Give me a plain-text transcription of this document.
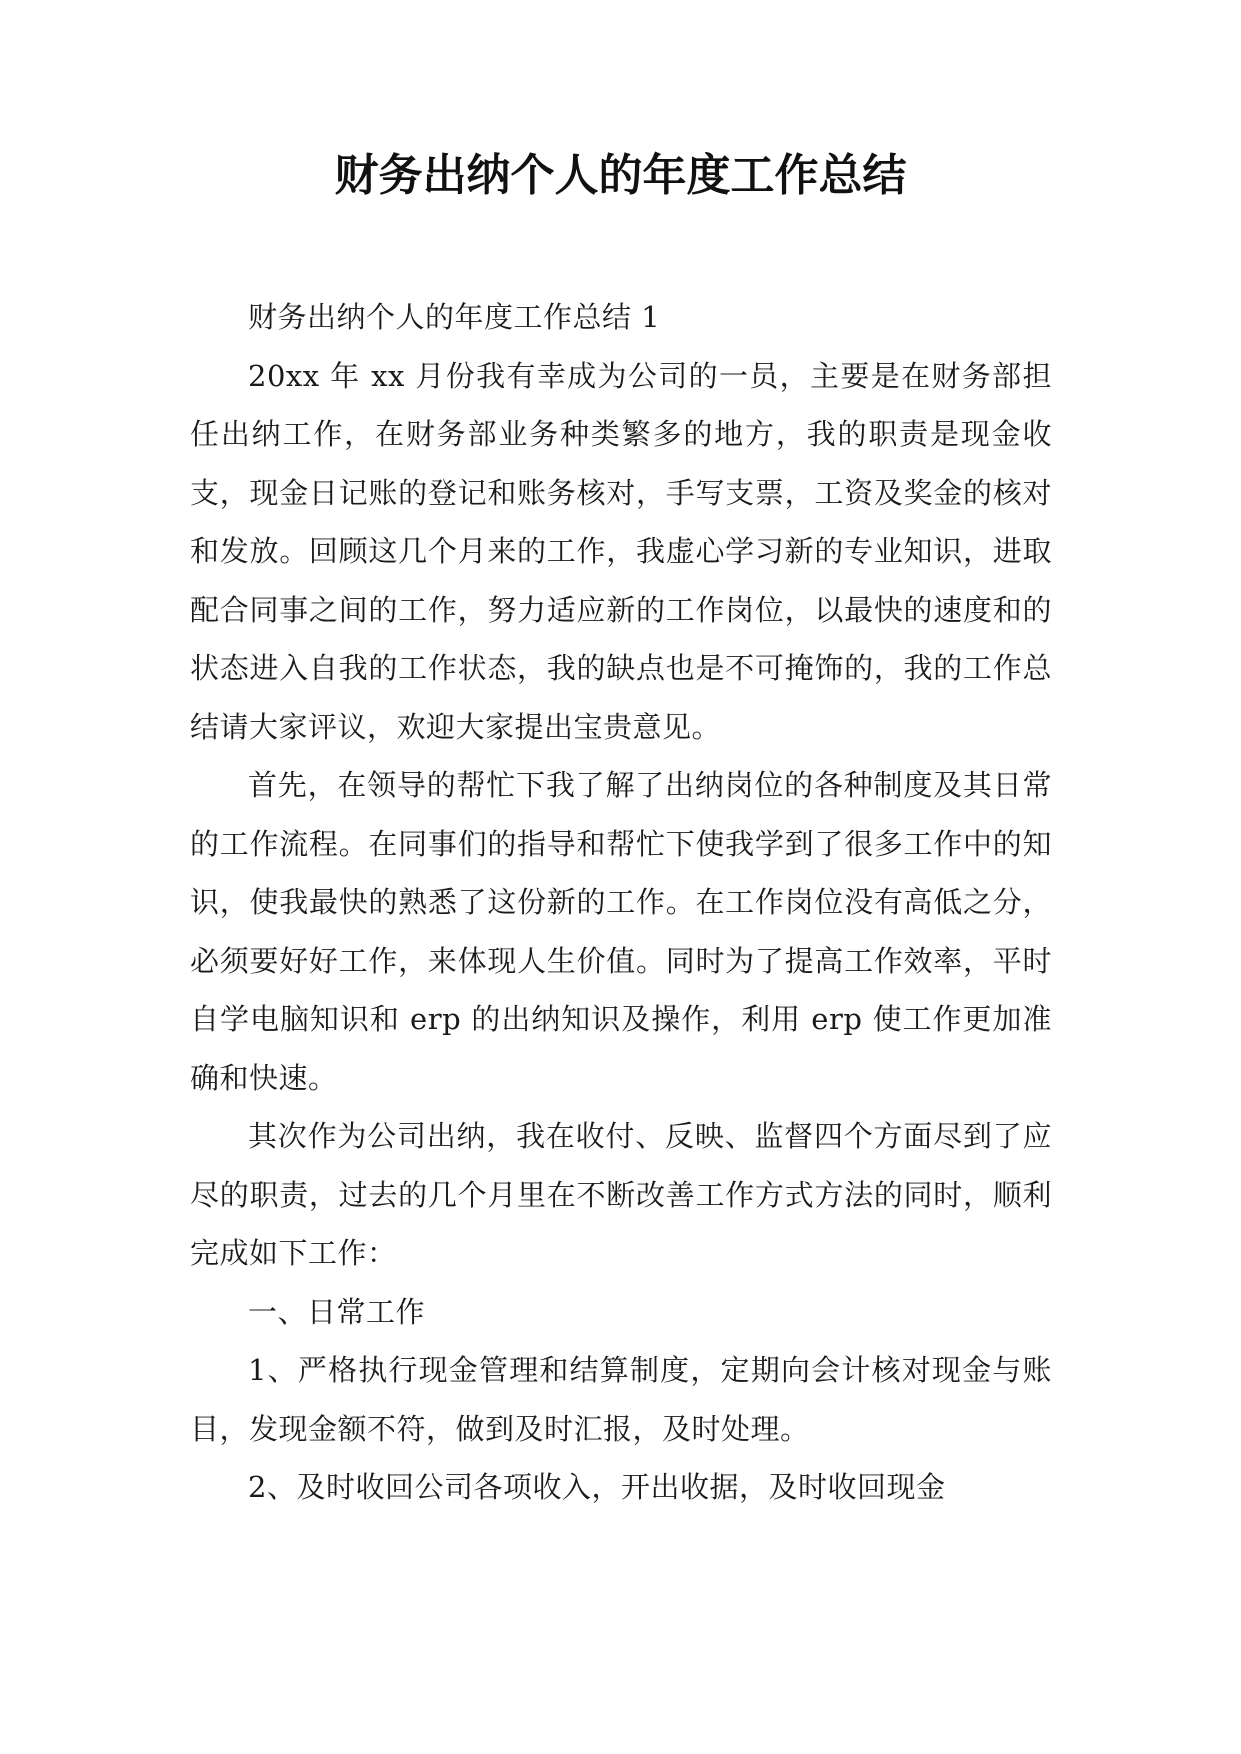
财务出纳个人的年度工作总结

财务出纳个人的年度工作总结 1

20xx 年 xx 月份我有幸成为公司的一员，主要是在财务部担任出纳工作，在财务部业务种类繁多的地方，我的职责是现金收支，现金日记账的登记和账务核对，手写支票，工资及奖金的核对和发放。回顾这几个月来的工作，我虚心学习新的专业知识，进取配合同事之间的工作，努力适应新的工作岗位，以最快的速度和的状态进入自我的工作状态，我的缺点也是不可掩饰的，我的工作总结请大家评议，欢迎大家提出宝贵意见。

首先，在领导的帮忙下我了解了出纳岗位的各种制度及其日常的工作流程。在同事们的指导和帮忙下使我学到了很多工作中的知识，使我最快的熟悉了这份新的工作。在工作岗位没有高低之分，必须要好好工作，来体现人生价值。同时为了提高工作效率，平时自学电脑知识和 erp 的出纳知识及操作，利用 erp 使工作更加准确和快速。

其次作为公司出纳，我在收付、反映、监督四个方面尽到了应尽的职责，过去的几个月里在不断改善工作方式方法的同时，顺利完成如下工作：

一、日常工作

1、严格执行现金管理和结算制度，定期向会计核对现金与账目，发现金额不符，做到及时汇报，及时处理。

2、及时收回公司各项收入，开出收据，及时收回现金
